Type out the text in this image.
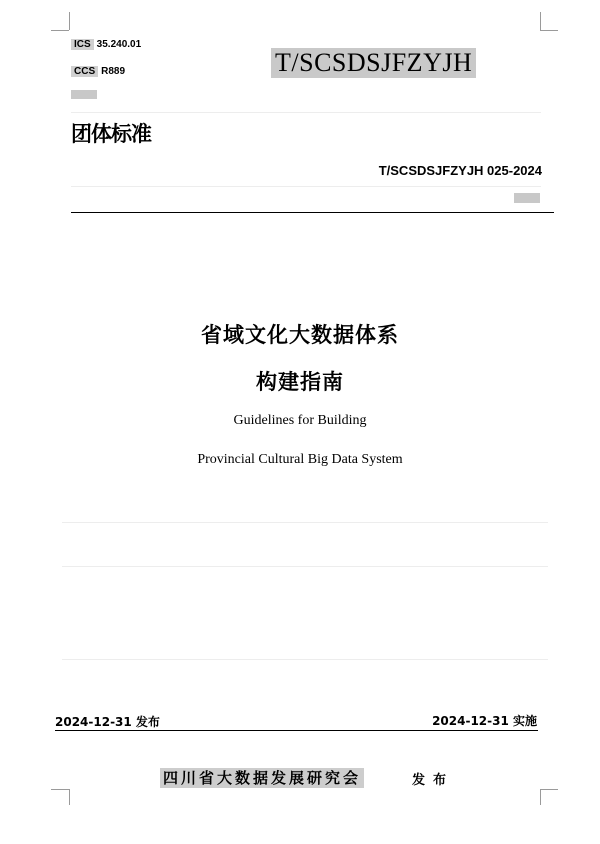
ICS 35.240.01
CCS R889	T/SCSDSJFZYJH
团体标准
T/SCSDSJFZYJH 025-2024
省域文化大数据体系
构建指南
Guidelines for Building
Provincial Cultural Big Data System
2024-12-31 发布	2024-12-31 实施
四川省大数据发展研究会	发布
